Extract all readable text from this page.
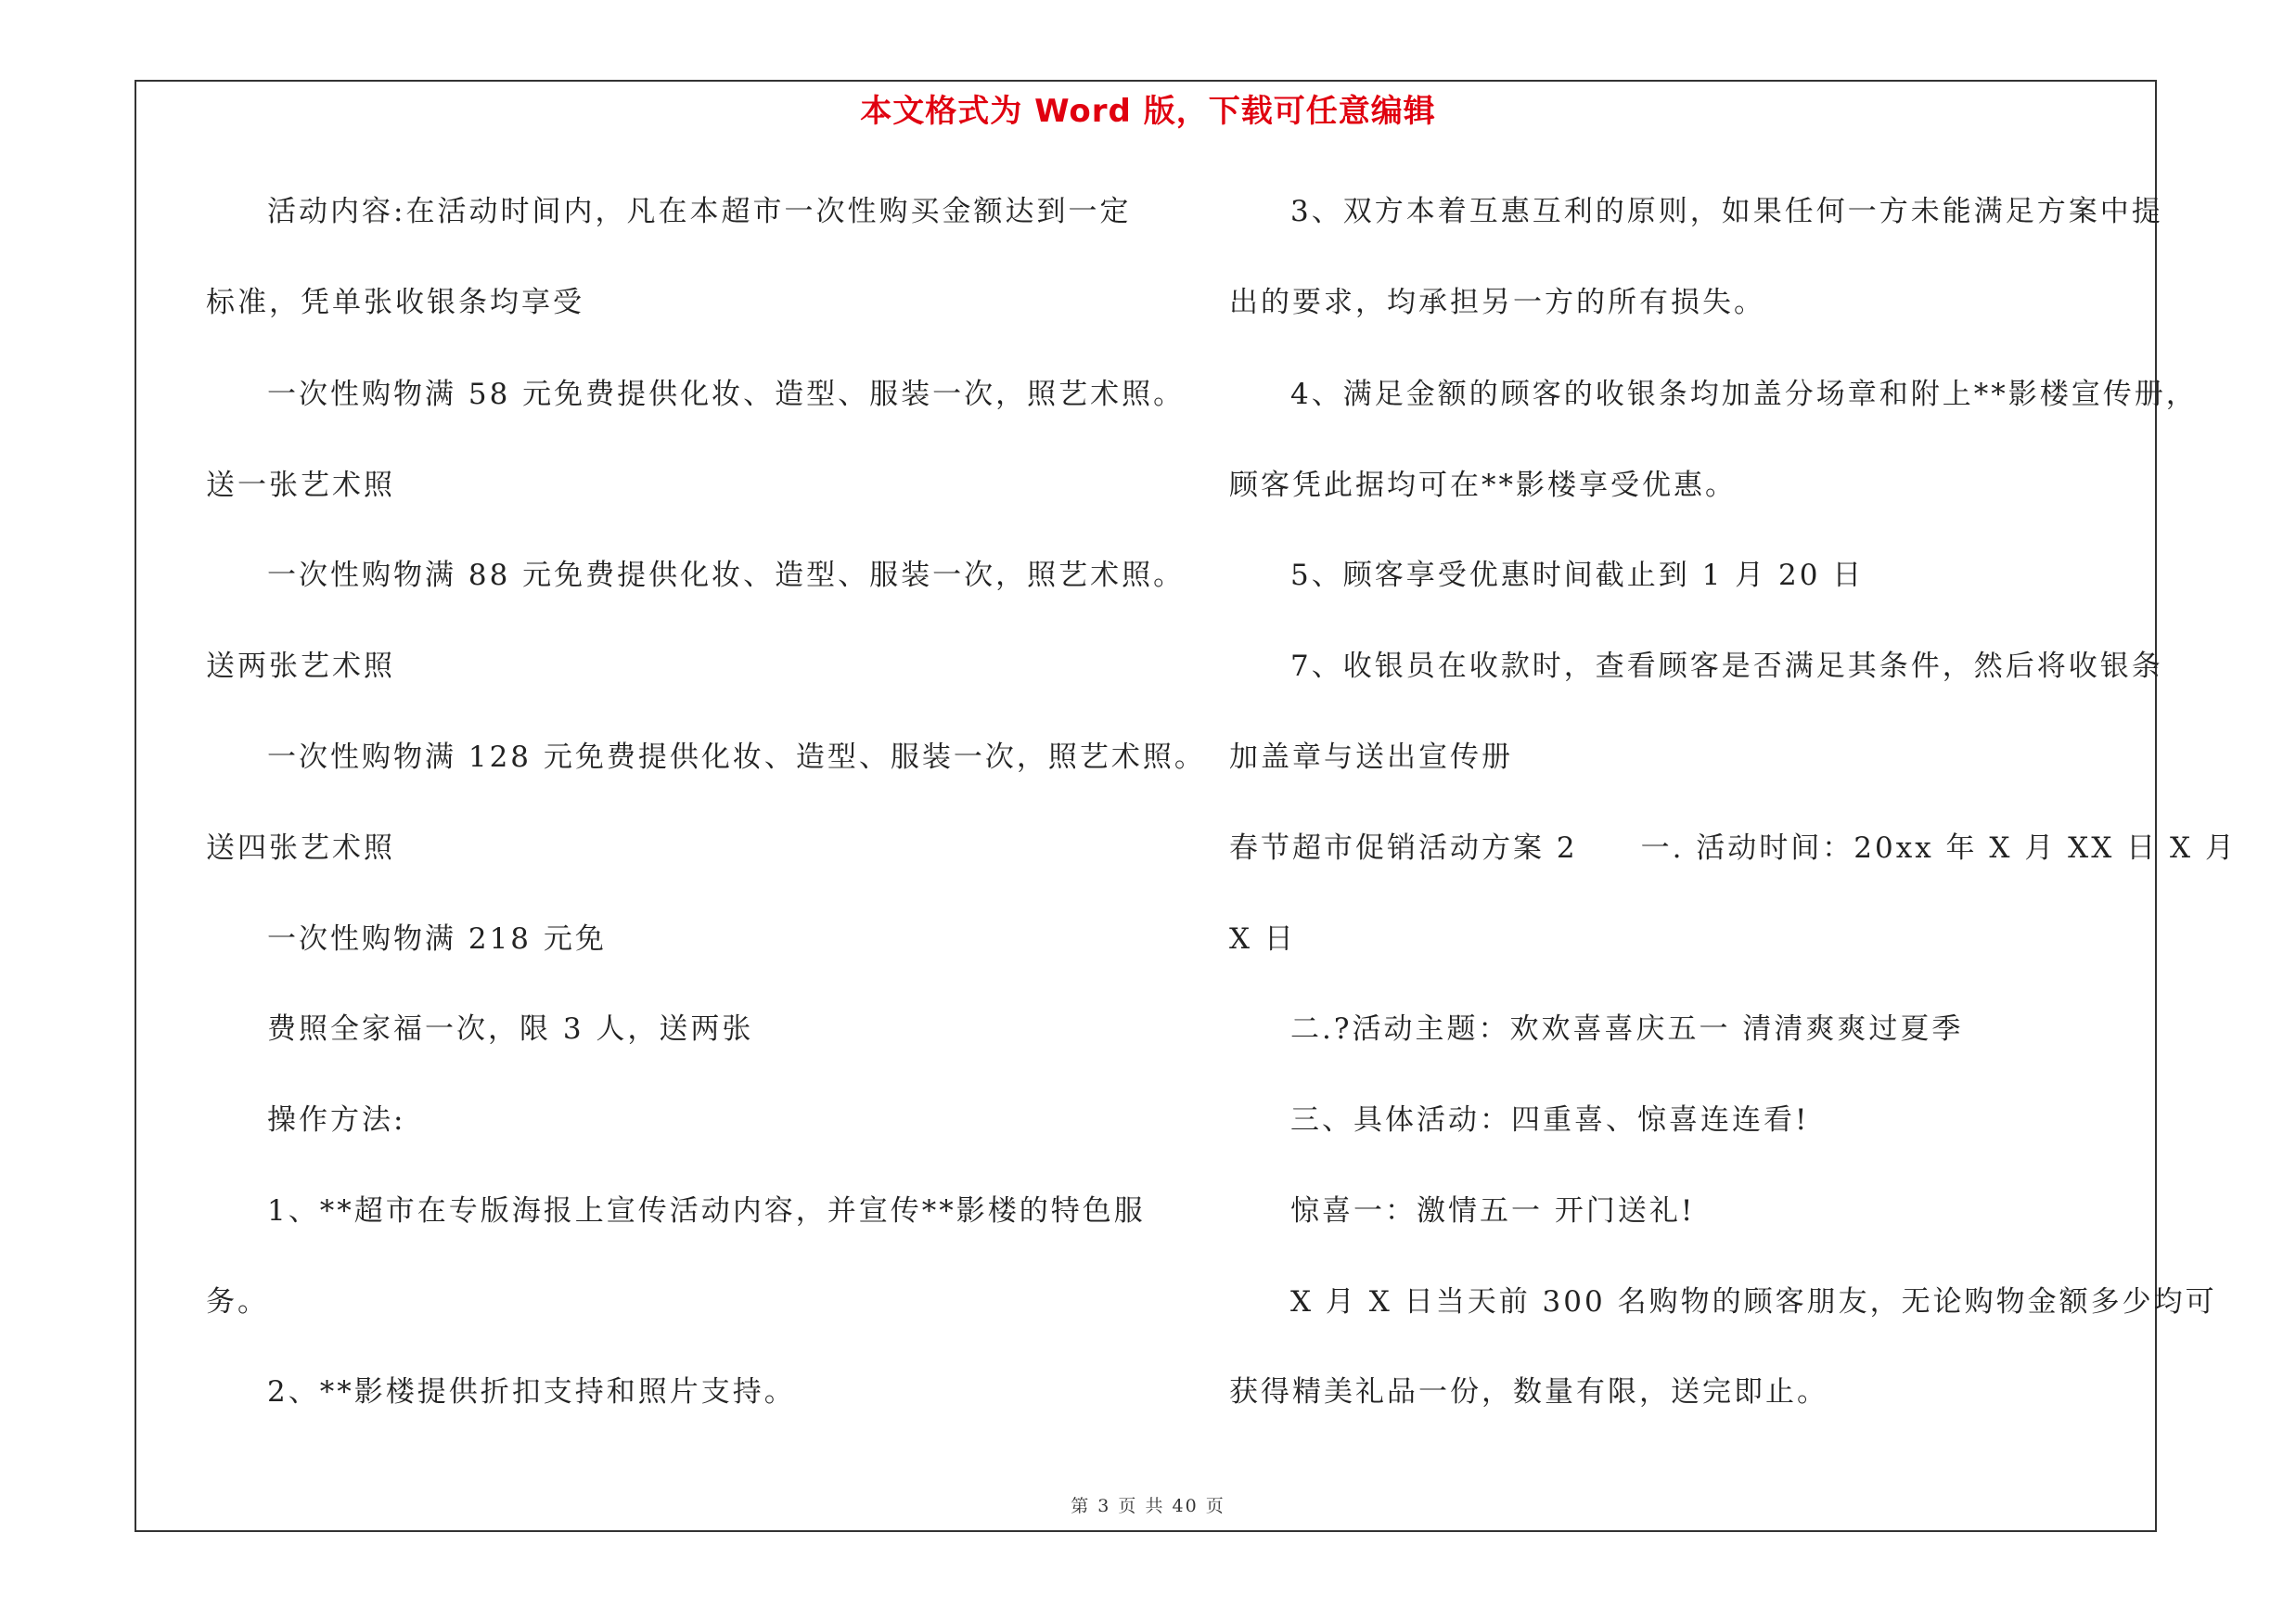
本文格式为 Word 版，下载可任意编辑
活动内容:在活动时间内，凡在本超市一次性购买金额达到一定
标准，凭单张收银条均享受
一次性购物满 58 元免费提供化妆、造型、服装一次，照艺术照。
送一张艺术照
一次性购物满 88 元免费提供化妆、造型、服装一次，照艺术照。
送两张艺术照
一次性购物满 128 元免费提供化妆、造型、服装一次，照艺术照。
送四张艺术照
一次性购物满 218 元免
费照全家福一次，限 3 人，送两张
操作方法:
1、**超市在专版海报上宣传活动内容，并宣传**影楼的特色服
务。
2、**影楼提供折扣支持和照片支持。
3、双方本着互惠互利的原则，如果任何一方未能满足方案中提
出的要求，均承担另一方的所有损失。
4、满足金额的顾客的收银条均加盖分场章和附上**影楼宣传册，
顾客凭此据均可在**影楼享受优惠。
5、顾客享受优惠时间截止到 1 月 20 日
7、收银员在收款时，查看顾客是否满足其条件，然后将收银条
加盖章与送出宣传册
春节超市促销活动方案 2　　一. 活动时间：20xx 年 X 月 XX 日 X 月
X 日
二.?活动主题：欢欢喜喜庆五一 清清爽爽过夏季
三、具体活动：四重喜、惊喜连连看!
惊喜一：激情五一 开门送礼!
X 月 X 日当天前 300 名购物的顾客朋友，无论购物金额多少均可
获得精美礼品一份，数量有限，送完即止。
第 3 页 共 40 页
